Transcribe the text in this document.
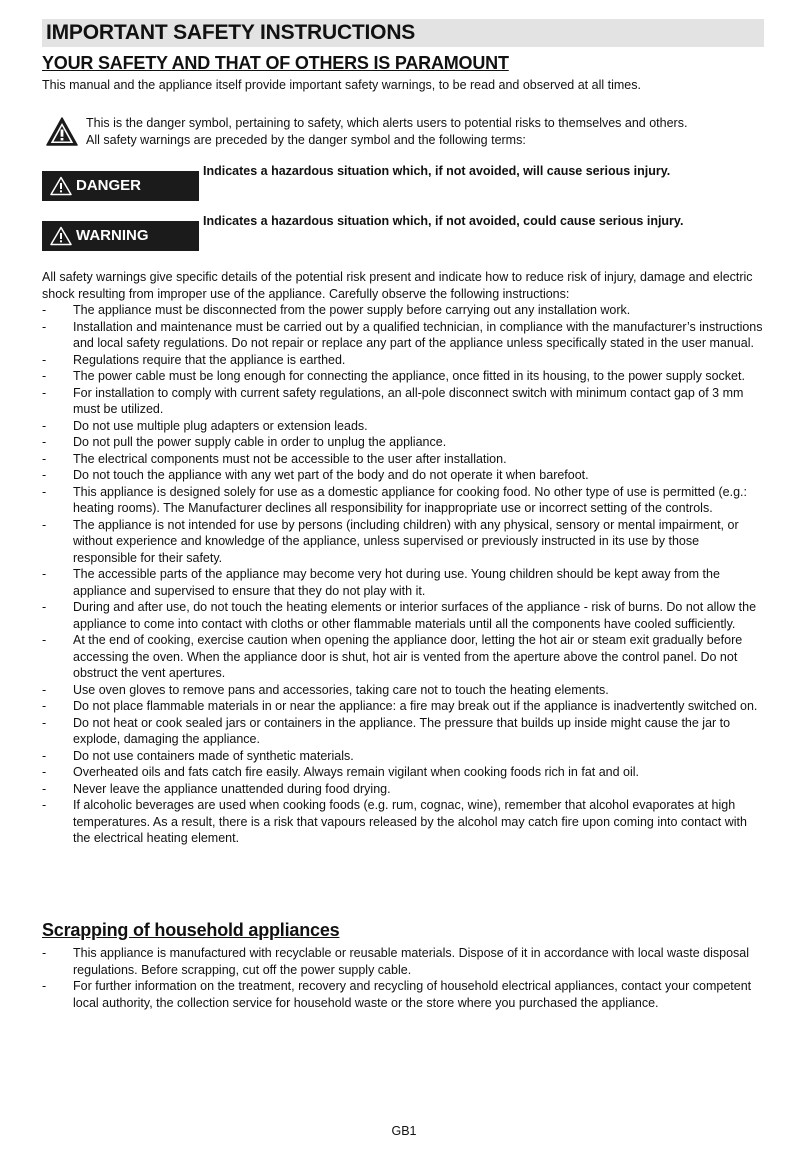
IMPORTANT SAFETY INSTRUCTIONS
YOUR SAFETY AND THAT OF OTHERS IS PARAMOUNT
This manual and the appliance itself provide important safety warnings, to be read and observed at all times.
This is the danger symbol, pertaining to safety, which alerts users to potential risks to themselves and others.
All safety warnings are preceded by the danger symbol and the following terms:
DANGER
Indicates a hazardous situation which, if not avoided, will cause serious injury.
WARNING
Indicates a hazardous situation which, if not avoided, could cause serious injury.

All safety warnings give specific details of the potential risk present and indicate how to reduce risk of injury, damage and electric shock resulting from improper use of the appliance. Carefully observe the following instructions:

- The appliance must be disconnected from the power supply before carrying out any installation work.
- Installation and maintenance must be carried out by a qualified technician, in compliance with the manufacturer’s instructions and local safety regulations. Do not repair or replace any part of the appliance unless specifically stated in the user manual.
- Regulations require that the appliance is earthed.
- The power cable must be long enough for connecting the appliance, once fitted in its housing, to the power supply socket.
- For installation to comply with current safety regulations, an all-pole disconnect switch with minimum contact gap of 3 mm must be utilized.
- Do not use multiple plug adapters or extension leads.
- Do not pull the power supply cable in order to unplug the appliance.
- The electrical components must not be accessible to the user after installation.
- Do not touch the appliance with any wet part of the body and do not operate it when barefoot.
- This appliance is designed solely for use as a domestic appliance for cooking food. No other type of use is permitted (e.g.: heating rooms). The Manufacturer declines all responsibility for inappropriate use or incorrect setting of the controls.
- The appliance is not intended for use by persons (including children) with any physical, sensory or mental impairment, or without experience and knowledge of the appliance, unless supervised or previously instructed in its use by those responsible for their safety.
- The accessible parts of the appliance may become very hot during use. Young children should be kept away from the appliance and supervised to ensure that they do not play with it.
- During and after use, do not touch the heating elements or interior surfaces of the appliance - risk of burns. Do not allow the appliance to come into contact with cloths or other flammable materials until all the components have cooled sufficiently.
- At the end of cooking, exercise caution when opening the appliance door, letting the hot air or steam exit gradually before accessing the oven. When the appliance door is shut, hot air is vented from the aperture above the control panel. Do not obstruct the vent apertures.
- Use oven gloves to remove pans and accessories, taking care not to touch the heating elements.
- Do not place flammable materials in or near the appliance: a fire may break out if the appliance is inadvertently switched on.
- Do not heat or cook sealed jars or containers in the appliance. The pressure that builds up inside might cause the jar to explode, damaging the appliance.
- Do not use containers made of synthetic materials.
- Overheated oils and fats catch fire easily. Always remain vigilant when cooking foods rich in fat and oil.
- Never leave the appliance unattended during food drying.
- If alcoholic beverages are used when cooking foods (e.g. rum, cognac, wine), remember that alcohol evaporates at high temperatures. As a result, there is a risk that vapours released by the alcohol may catch fire upon coming into contact with the electrical heating element.
Scrapping of household appliances
- This appliance is manufactured with recyclable or reusable materials. Dispose of it in accordance with local waste disposal regulations. Before scrapping, cut off the power supply cable.
- For further information on the treatment, recovery and recycling of household electrical appliances, contact your competent local authority, the collection service for household waste or the store where you purchased the appliance.
GB1
